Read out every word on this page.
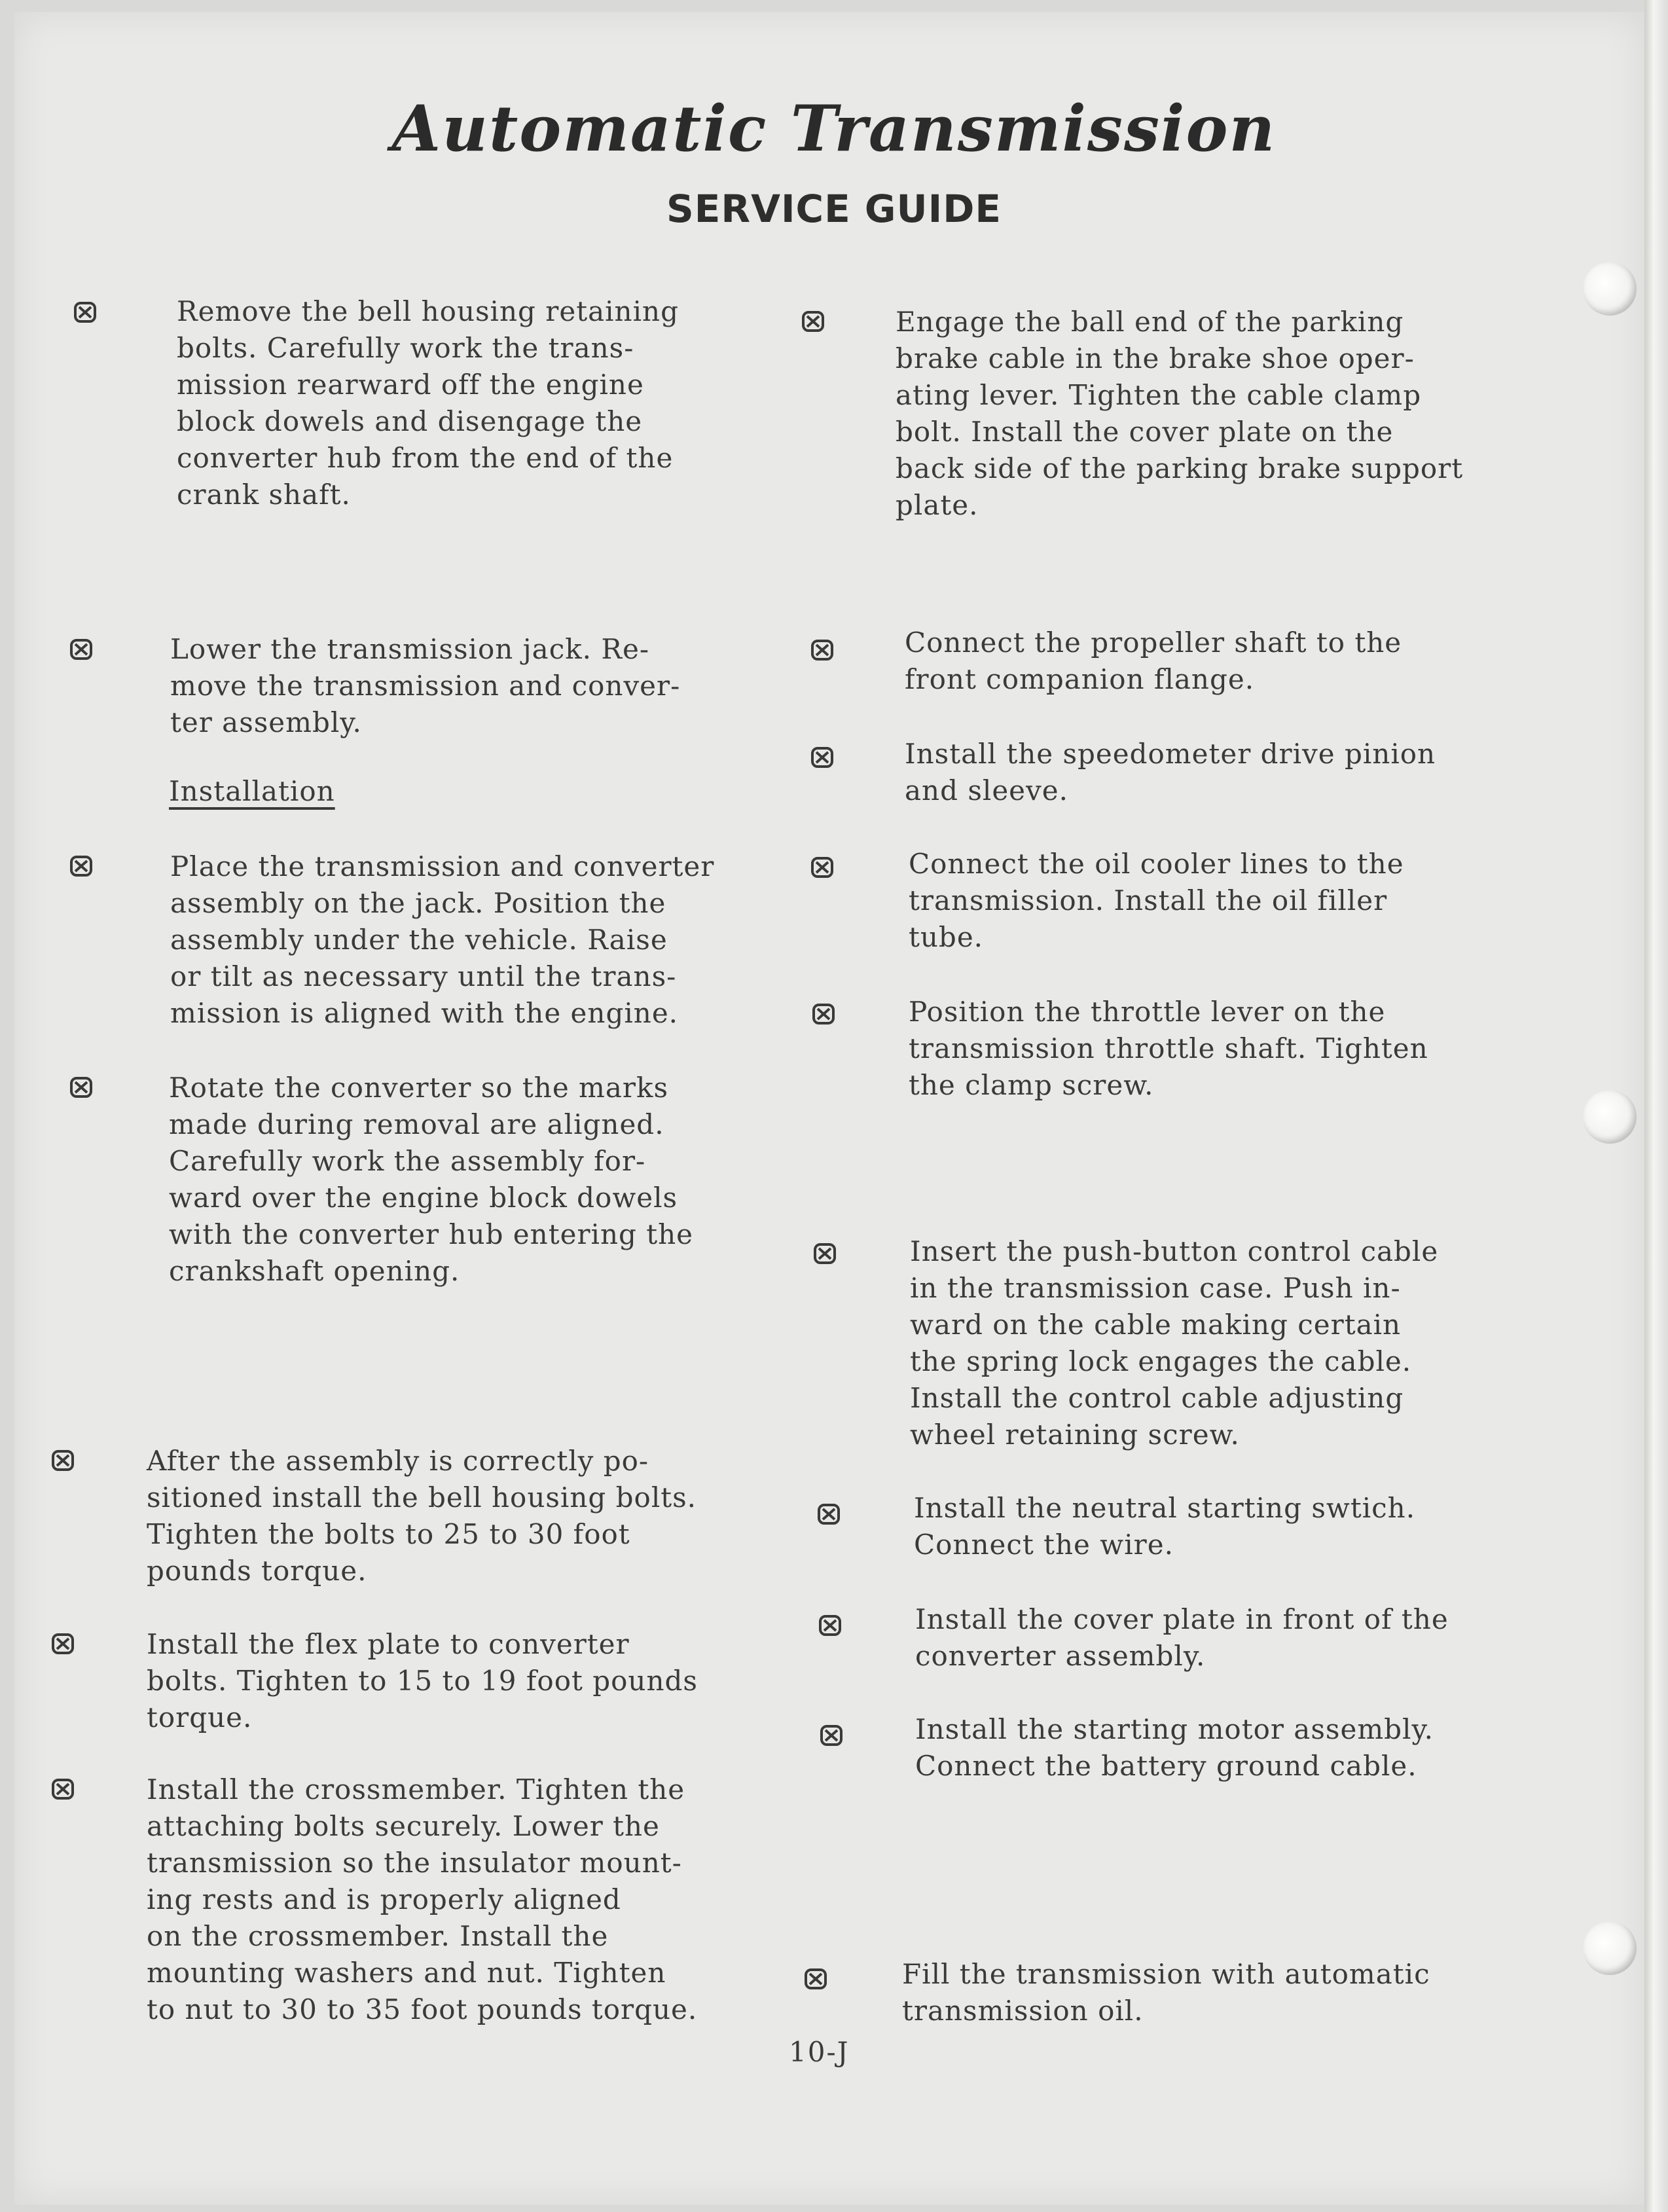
Automatic Transmission
SERVICE GUIDE
Remove the bell housing retaining
bolts. Carefully work the trans-
mission rearward off the engine
block dowels and disengage the
converter hub from the end of the
crank shaft.
Lower the transmission jack. Re-
move the transmission and conver-
ter assembly.
Installation
Place the transmission and converter
assembly on the jack. Position the
assembly under the vehicle. Raise
or tilt as necessary until the trans-
mission is aligned with the engine.
Rotate the converter so the marks
made during removal are aligned.
Carefully work the assembly for-
ward over the engine block dowels
with the converter hub entering the
crankshaft opening.
After the assembly is correctly po-
sitioned install the bell housing bolts.
Tighten the bolts to 25 to 30 foot
pounds torque.
Install the flex plate to converter
bolts. Tighten to 15 to 19 foot pounds
torque.
Install the crossmember. Tighten the
attaching bolts securely. Lower the
transmission so the insulator mount-
ing rests and is properly aligned
on the crossmember. Install the
mounting washers and nut. Tighten
to nut to 30 to 35 foot pounds torque.
Engage the ball end of the parking
brake cable in the brake shoe oper-
ating lever. Tighten the cable clamp
bolt. Install the cover plate on the
back side of the parking brake support
plate.
Connect the propeller shaft to the
front companion flange.
Install the speedometer drive pinion
and sleeve.
Connect the oil cooler lines to the
transmission. Install the oil filler
tube.
Position the throttle lever on the
transmission throttle shaft. Tighten
the clamp screw.
Insert the push-button control cable
in the transmission case. Push in-
ward on the cable making certain
the spring lock engages the cable.
Install the control cable adjusting
wheel retaining screw.
Install the neutral starting swtich.
Connect the wire.
Install the cover plate in front of the
converter assembly.
Install the starting motor assembly.
Connect the battery ground cable.
Fill the transmission with automatic
transmission oil.
10-J
